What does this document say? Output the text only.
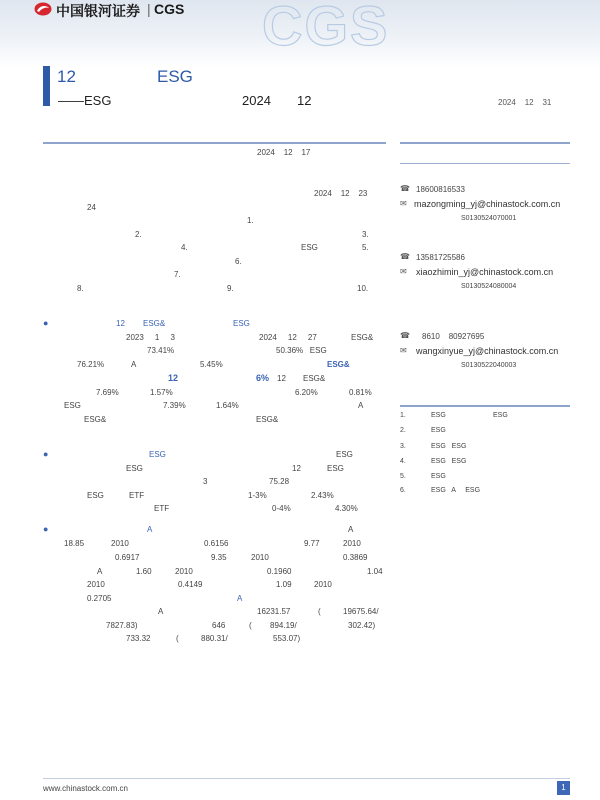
中国银河证券 | CGS CGS
12	ESG
——ESG	2024 12	2024    12    31
2024    12    17
2024    12    23
24
1.
2.	3.
4.	ESG	5.
6.
7.
8.	9.	10.
●	12 ESG&	ESG
2023     1     3	2024     12     27	ESG&
73.41%	50.36%   ESG
76.21%	A	5.45%	ESG&
12	6% 12 ESG&
7.69%	1.57%	6.20%	0.81%
ESG	7.39%	1.64%	A
ESG&	ESG&
●	ESG	ESG
ESG	12	ESG
3	75.28
ESG	ETF	1-3%	2.43%
ETF	0-4%	4.30%
●	A	A
18.85	2010	0.6156	9.77	2010
0.6917	9.35	2010	0.3869
A	1.60	2010	0.1960	1.04
2010	0.4149	1.09	2010
0.2705	A
A	16231.57	(	19675.64/
7827.83)	646	( 894.19/	302.42)
733.32	(	880.31/	553.07)
☎ 18600816533
✉ mazongming_yj@chinastock.com.cn
S0130524070001
☎ 13581725586
✉ xiaozhimin_yj@chinastock.com.cn
S0130524080004
☎ 8610    80927695
✉ wangxinyue_yj@chinastock.com.cn
S0130522040003
1.	ESG	ESG
2.	ESG
3.	ESG   ESG
4.	ESG   ESG
5.	ESG
6.	ESG   A     ESG
www.chinastock.com.cn	1
